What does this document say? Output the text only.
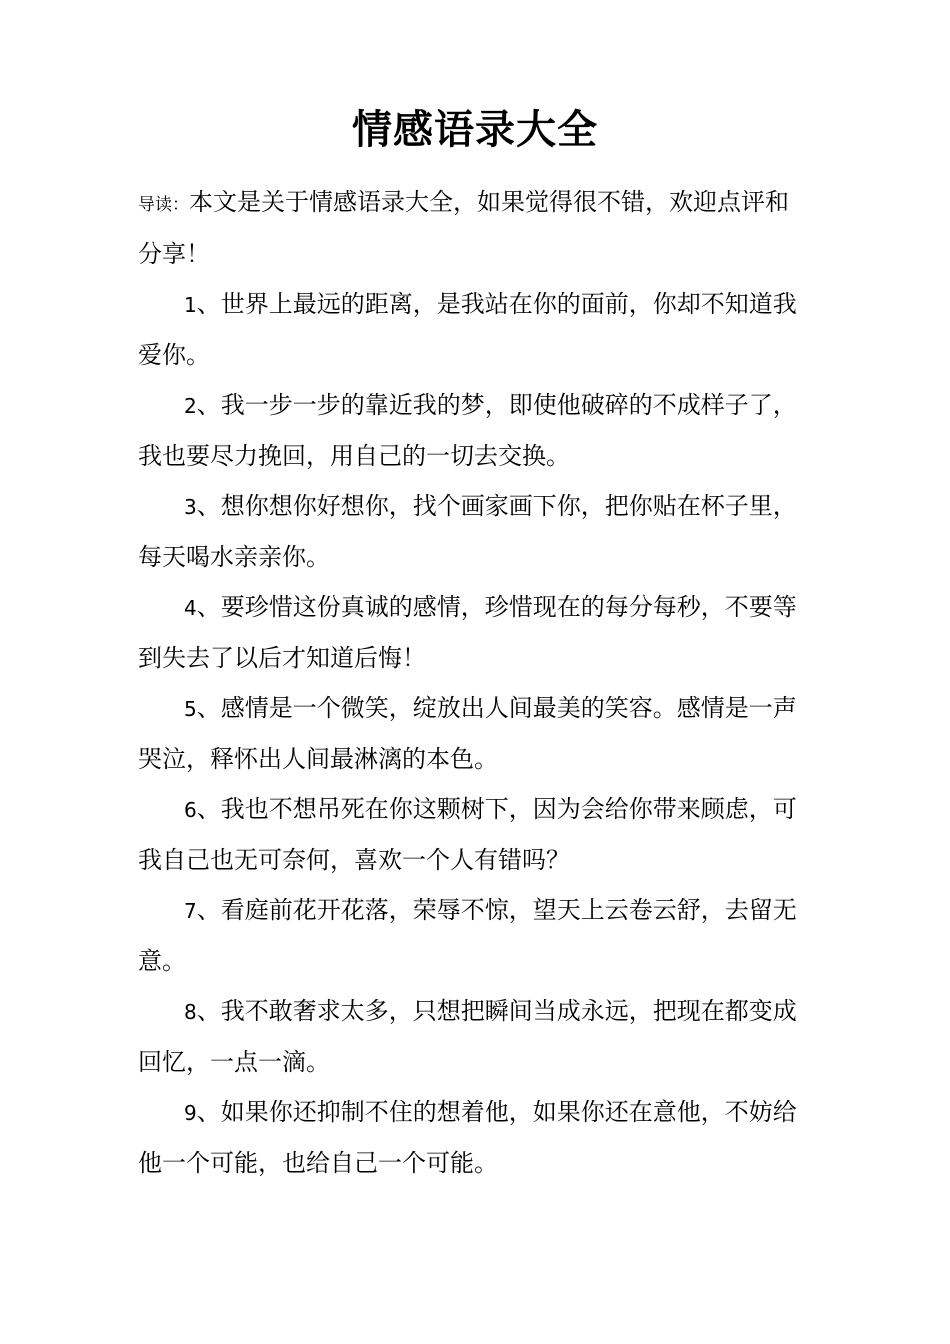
情感语录大全

导读：本文是关于情感语录大全，如果觉得很不错，欢迎点评和分享！

1、世界上最远的距离，是我站在你的面前，你却不知道我爱你。

2、我一步一步的靠近我的梦，即使他破碎的不成样子了，我也要尽力挽回，用自己的一切去交换。

3、想你想你好想你，找个画家画下你，把你贴在杯子里，每天喝水亲亲你。

4、要珍惜这份真诚的感情，珍惜现在的每分每秒，不要等到失去了以后才知道后悔！

5、感情是一个微笑，绽放出人间最美的笑容。感情是一声哭泣，释怀出人间最淋漓的本色。

6、我也不想吊死在你这颗树下，因为会给你带来顾虑，可我自己也无可奈何，喜欢一个人有错吗？

7、看庭前花开花落，荣辱不惊，望天上云卷云舒，去留无意。

8、我不敢奢求太多，只想把瞬间当成永远，把现在都变成回忆，一点一滴。

9、如果你还抑制不住的想着他，如果你还在意他，不妨给他一个可能，也给自己一个可能。
